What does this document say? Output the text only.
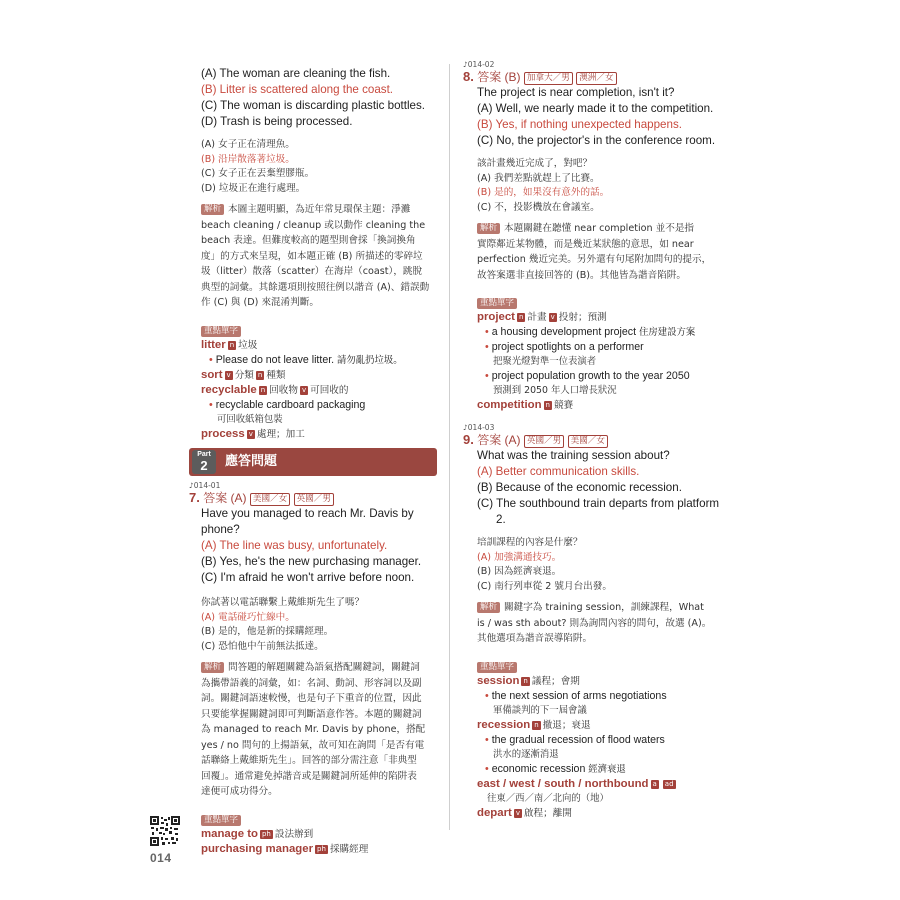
(A) The woman are cleaning the fish.
(B) Litter is scattered along the coast.
(C) The woman is discarding plastic bottles.
(D) Trash is being processed.
(A) 女子正在清理魚。
(B) 沿岸散落著垃圾。
(C) 女子正在丟棄塑膠瓶。
(D) 垃圾正在進行處理。
解析 本圖主題明顯，為近年常見環保主題：淨灘
beach cleaning / cleanup 或以動作 cleaning the
beach 表達。但難度較高的題型則會採「換詞換角
度」的方式來呈現，如本題正確 (B) 所描述的零碎垃
圾（litter）散落（scatter）在海岸（coast），跳脫
典型的詞彙。其餘選項則按照往例以諧音 (A)、錯誤動
作 (C) 與 (D) 來混淆判斷。
重點單字
litter n 垃圾
• Please do not leave litter. 請勿亂扔垃圾。
sort v 分類 n 種類
recyclable n 回收物 v 可回收的
• recyclable cardboard packaging
可回收紙箱包裝
process v 處理；加工
Part
2	應答問題
♪014-01
7. 答案 (A) 美國／女 英國／男
Have you managed to reach Mr. Davis by
phone?
(A) The line was busy, unfortunately.
(B) Yes, he's the new purchasing manager.
(C) I'm afraid he won't arrive before noon.
你試著以電話聯繫上戴維斯先生了嗎？
(A) 電話碰巧忙線中。
(B) 是的，他是新的採購經理。
(C) 恐怕他中午前無法抵達。
解析 問答題的解題關鍵為語氣搭配關鍵詞，關鍵詞
為攜帶語義的詞彙，如：名詞、動詞、形容詞以及副
詞。關鍵詞語速較慢，也是句子下重音的位置，因此
只要能掌握關鍵詞即可判斷語意作答。本題的關鍵詞
為 managed to reach Mr. Davis by phone，搭配
yes / no 問句的上揚語氣，故可知在詢問「是否有電
話聯絡上戴維斯先生」。回答的部分需注意「非典型
回覆」。通常避免掉諧音或是關鍵詞所延伸的陷阱表
達便可成功得分。
重點單字
manage to ph 設法辦到
purchasing manager ph 採購經理
♪014-02
8. 答案 (B) 加拿大／男 澳洲／女
The project is near completion, isn't it?
(A) Well, we nearly made it to the competition.
(B) Yes, if nothing unexpected happens.
(C) No, the projector's in the conference room.
該計畫幾近完成了，對吧？
(A) 我們差點就趕上了比賽。
(B) 是的，如果沒有意外的話。
(C) 不，投影機放在會議室。
解析 本題關鍵在聽懂 near completion 並不是指
實際鄰近某物體，而是幾近某狀態的意思，如 near
perfection 幾近完美。另外還有句尾附加問句的提示，
故答案選非直接回答的 (B)。其他皆為諧音陷阱。
重點單字
project n 計畫 v 投射；預測
• a housing development project 住房建設方案
• project spotlights on a performer
把聚光燈對準一位表演者
• project population growth to the year 2050
預測到 2050 年人口增長狀況
competition n 競賽
♪014-03
9. 答案 (A) 英國／男 美國／女
What was the training session about?
(A) Better communication skills.
(B) Because of the economic recession.
(C) The southbound train departs from platform
2.
培訓課程的內容是什麼？
(A) 加強溝通技巧。
(B) 因為經濟衰退。
(C) 南行列車從 2 號月台出發。
解析 關鍵字為 training session，訓練課程，What
is / was sth about? 則為詢問內容的問句，故選 (A)。
其他選項為諧音誤導陷阱。
重點單字
session n 議程；會期
• the next session of arms negotiations
軍備談判的下一屆會議
recession n 撤退；衰退
• the gradual recession of flood waters
洪水的逐漸消退
• economic recession 經濟衰退
east / west / south / northbound a ad
往東／西／南／北向的（地）
depart v 啟程；離開
014
